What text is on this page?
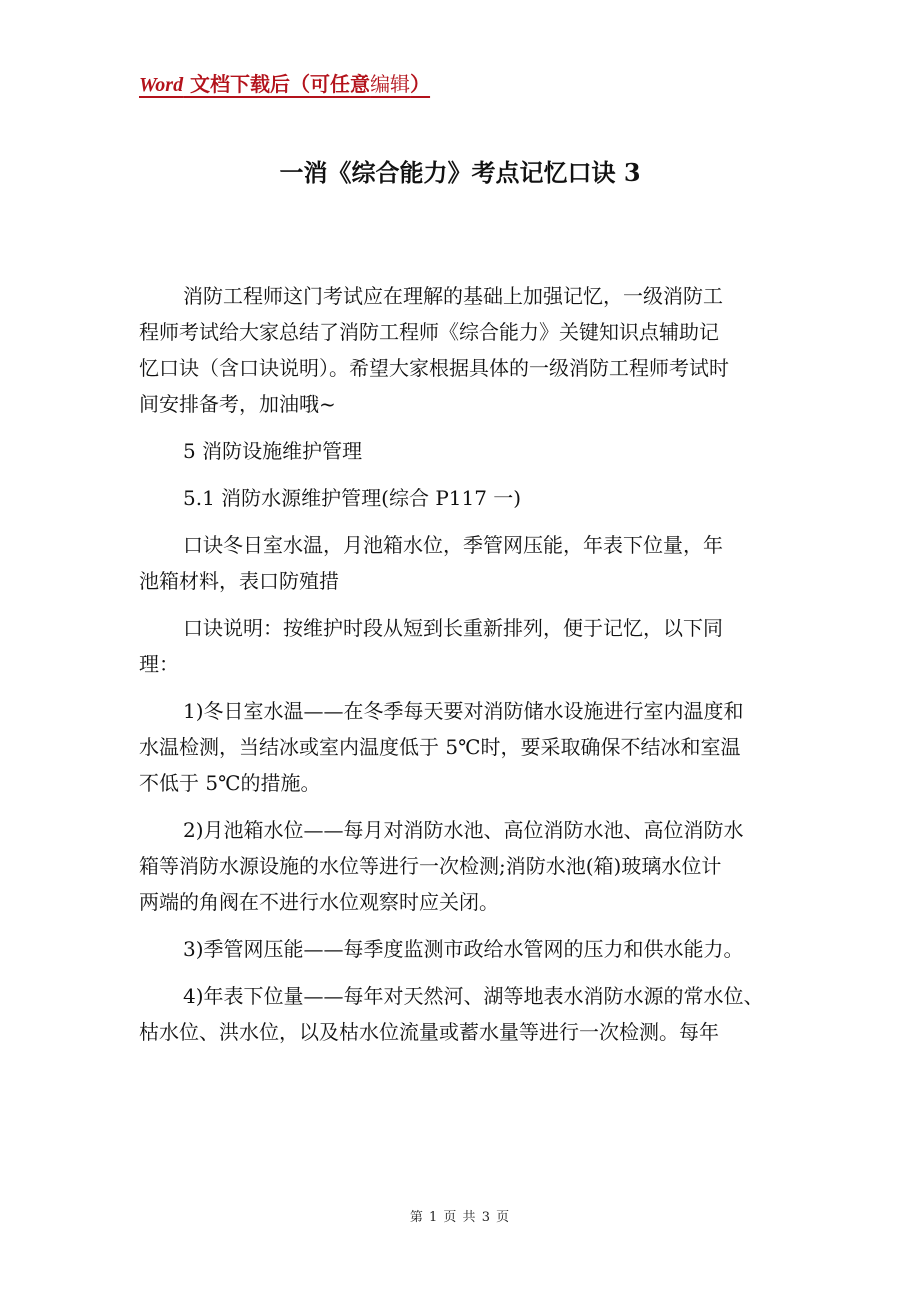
Word 文档下载后（可任意编辑）
一消《综合能力》考点记忆口诀 3
消防工程师这门考试应在理解的基础上加强记忆，一级消防工
程师考试给大家总结了消防工程师《综合能力》关键知识点辅助记
忆口诀（含口诀说明）。希望大家根据具体的一级消防工程师考试时
间安排备考，加油哦~
5 消防设施维护管理
5.1 消防水源维护管理(综合 P117 一)
口诀冬日室水温，月池箱水位，季管网压能，年表下位量，年
池箱材料，表口防殖措
口诀说明：按维护时段从短到长重新排列，便于记忆，以下同
理：
1)冬日室水温——在冬季每天要对消防储水设施进行室内温度和
水温检测，当结冰或室内温度低于 5℃时，要采取确保不结冰和室温
不低于 5℃的措施。
2)月池箱水位——每月对消防水池、高位消防水池、高位消防水
箱等消防水源设施的水位等进行一次检测;消防水池(箱)玻璃水位计
两端的角阀在不进行水位观察时应关闭。
3)季管网压能——每季度监测市政给水管网的压力和供水能力。
4)年表下位量——每年对天然河、湖等地表水消防水源的常水位、
枯水位、洪水位，以及枯水位流量或蓄水量等进行一次检测。每年
第 1 页 共 3 页
